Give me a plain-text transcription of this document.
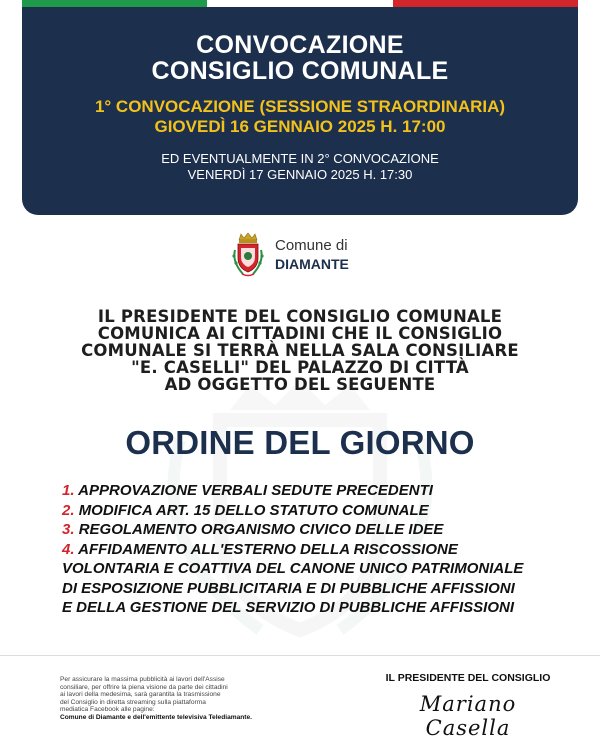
CONVOCAZIONE
CONSIGLIO COMUNALE
1° CONVOCAZIONE (SESSIONE STRAORDINARIA)
GIOVEDÌ 16 GENNAIO 2025 H. 17:00
ED EVENTUALMENTE IN 2° CONVOCAZIONE
VENERDÌ 17 GENNAIO 2025 H. 17:30
Comune di
DIAMANTE
IL PRESIDENTE DEL CONSIGLIO COMUNALE
COMUNICA AI CITTADINI CHE IL CONSIGLIO
COMUNALE SI TERRÀ NELLA SALA CONSILIARE
"E. CASELLI" DEL PALAZZO DI CITTÀ
AD OGGETTO DEL SEGUENTE
ORDINE DEL GIORNO
1. APPROVAZIONE VERBALI SEDUTE PRECEDENTI
2. MODIFICA ART. 15 DELLO STATUTO COMUNALE
3. REGOLAMENTO ORGANISMO CIVICO DELLE IDEE
4. AFFIDAMENTO ALL'ESTERNO DELLA RISCOSSIONE
VOLONTARIA E COATTIVA DEL CANONE UNICO PATRIMONIALE
DI ESPOSIZIONE PUBBLICITARIA E DI PUBBLICHE AFFISSIONI
E DELLA GESTIONE DEL SERVIZIO DI PUBBLICHE AFFISSIONI
Per assicurare la massima pubblicità ai lavori dell'Assise
consiliare, per offrire la piena visione da parte dei cittadini
ai lavori della medesima, sarà garantita la trasmissione
del Consiglio in diretta streaming sulla piattaforma
mediatica Facebook alle pagine:
Comune di Diamante e dell'emittente televisiva Telediamante.
IL PRESIDENTE DEL CONSIGLIO
Mariano Casella
